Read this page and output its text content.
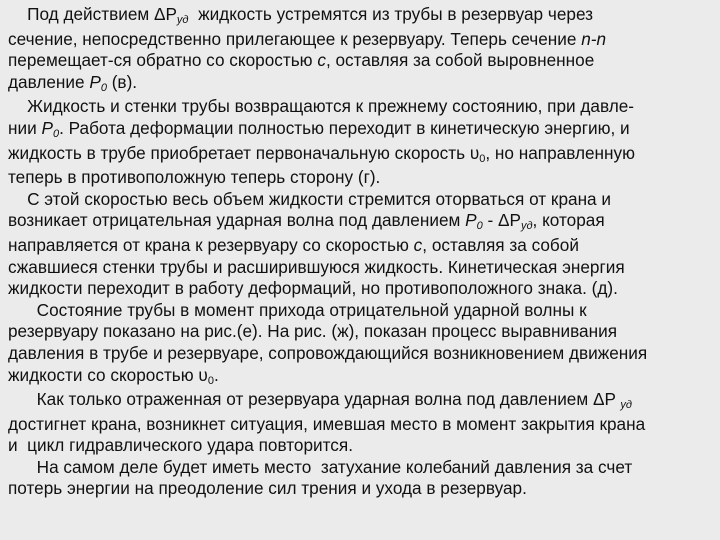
Под действием ΔPуд  жидкость устремятся из трубы в резервуар через
сечение, непосредственно прилегающее к резервуару. Теперь сечение n-n
перемещает-ся обратно со скоростью c, оставляя за собой выровненное
давление P0 (в).
Жидкость и стенки трубы возвращаются к прежнему состоянию, при давле-
нии P0. Работа деформации полностью переходит в кинетическую энергию, и
жидкость в трубе приобретает первоначальную скорость υ0, но направленную
теперь в противоположную теперь сторону (г).
С этой скоростью весь объем жидкости стремится оторваться от крана и
возникает отрицательная ударная волна под давлением P0 - ΔPуд, которая
направляется от крана к резервуару со скоростью c, оставляя за собой
сжавшиеся стенки трубы и расширившуюся жидкость. Кинетическая энергия
жидкости переходит в работу деформаций, но противоположного знака. (д).
Состояние трубы в момент прихода отрицательной ударной волны к
резервуару показано на рис.(е). На рис. (ж), показан процесс выравнивания
давления в трубе и резервуаре, сопровождающийся возникновением движения
жидкости со скоростью υ0.
Как только отраженная от резервуара ударная волна под давлением ΔP уд
достигнет крана, возникнет ситуация, имевшая место в момент закрытия крана
и  цикл гидравлического удара повторится.
На самом деле будет иметь место  затухание колебаний давления за счет
потерь энергии на преодоление сил трения и ухода в резервуар.
